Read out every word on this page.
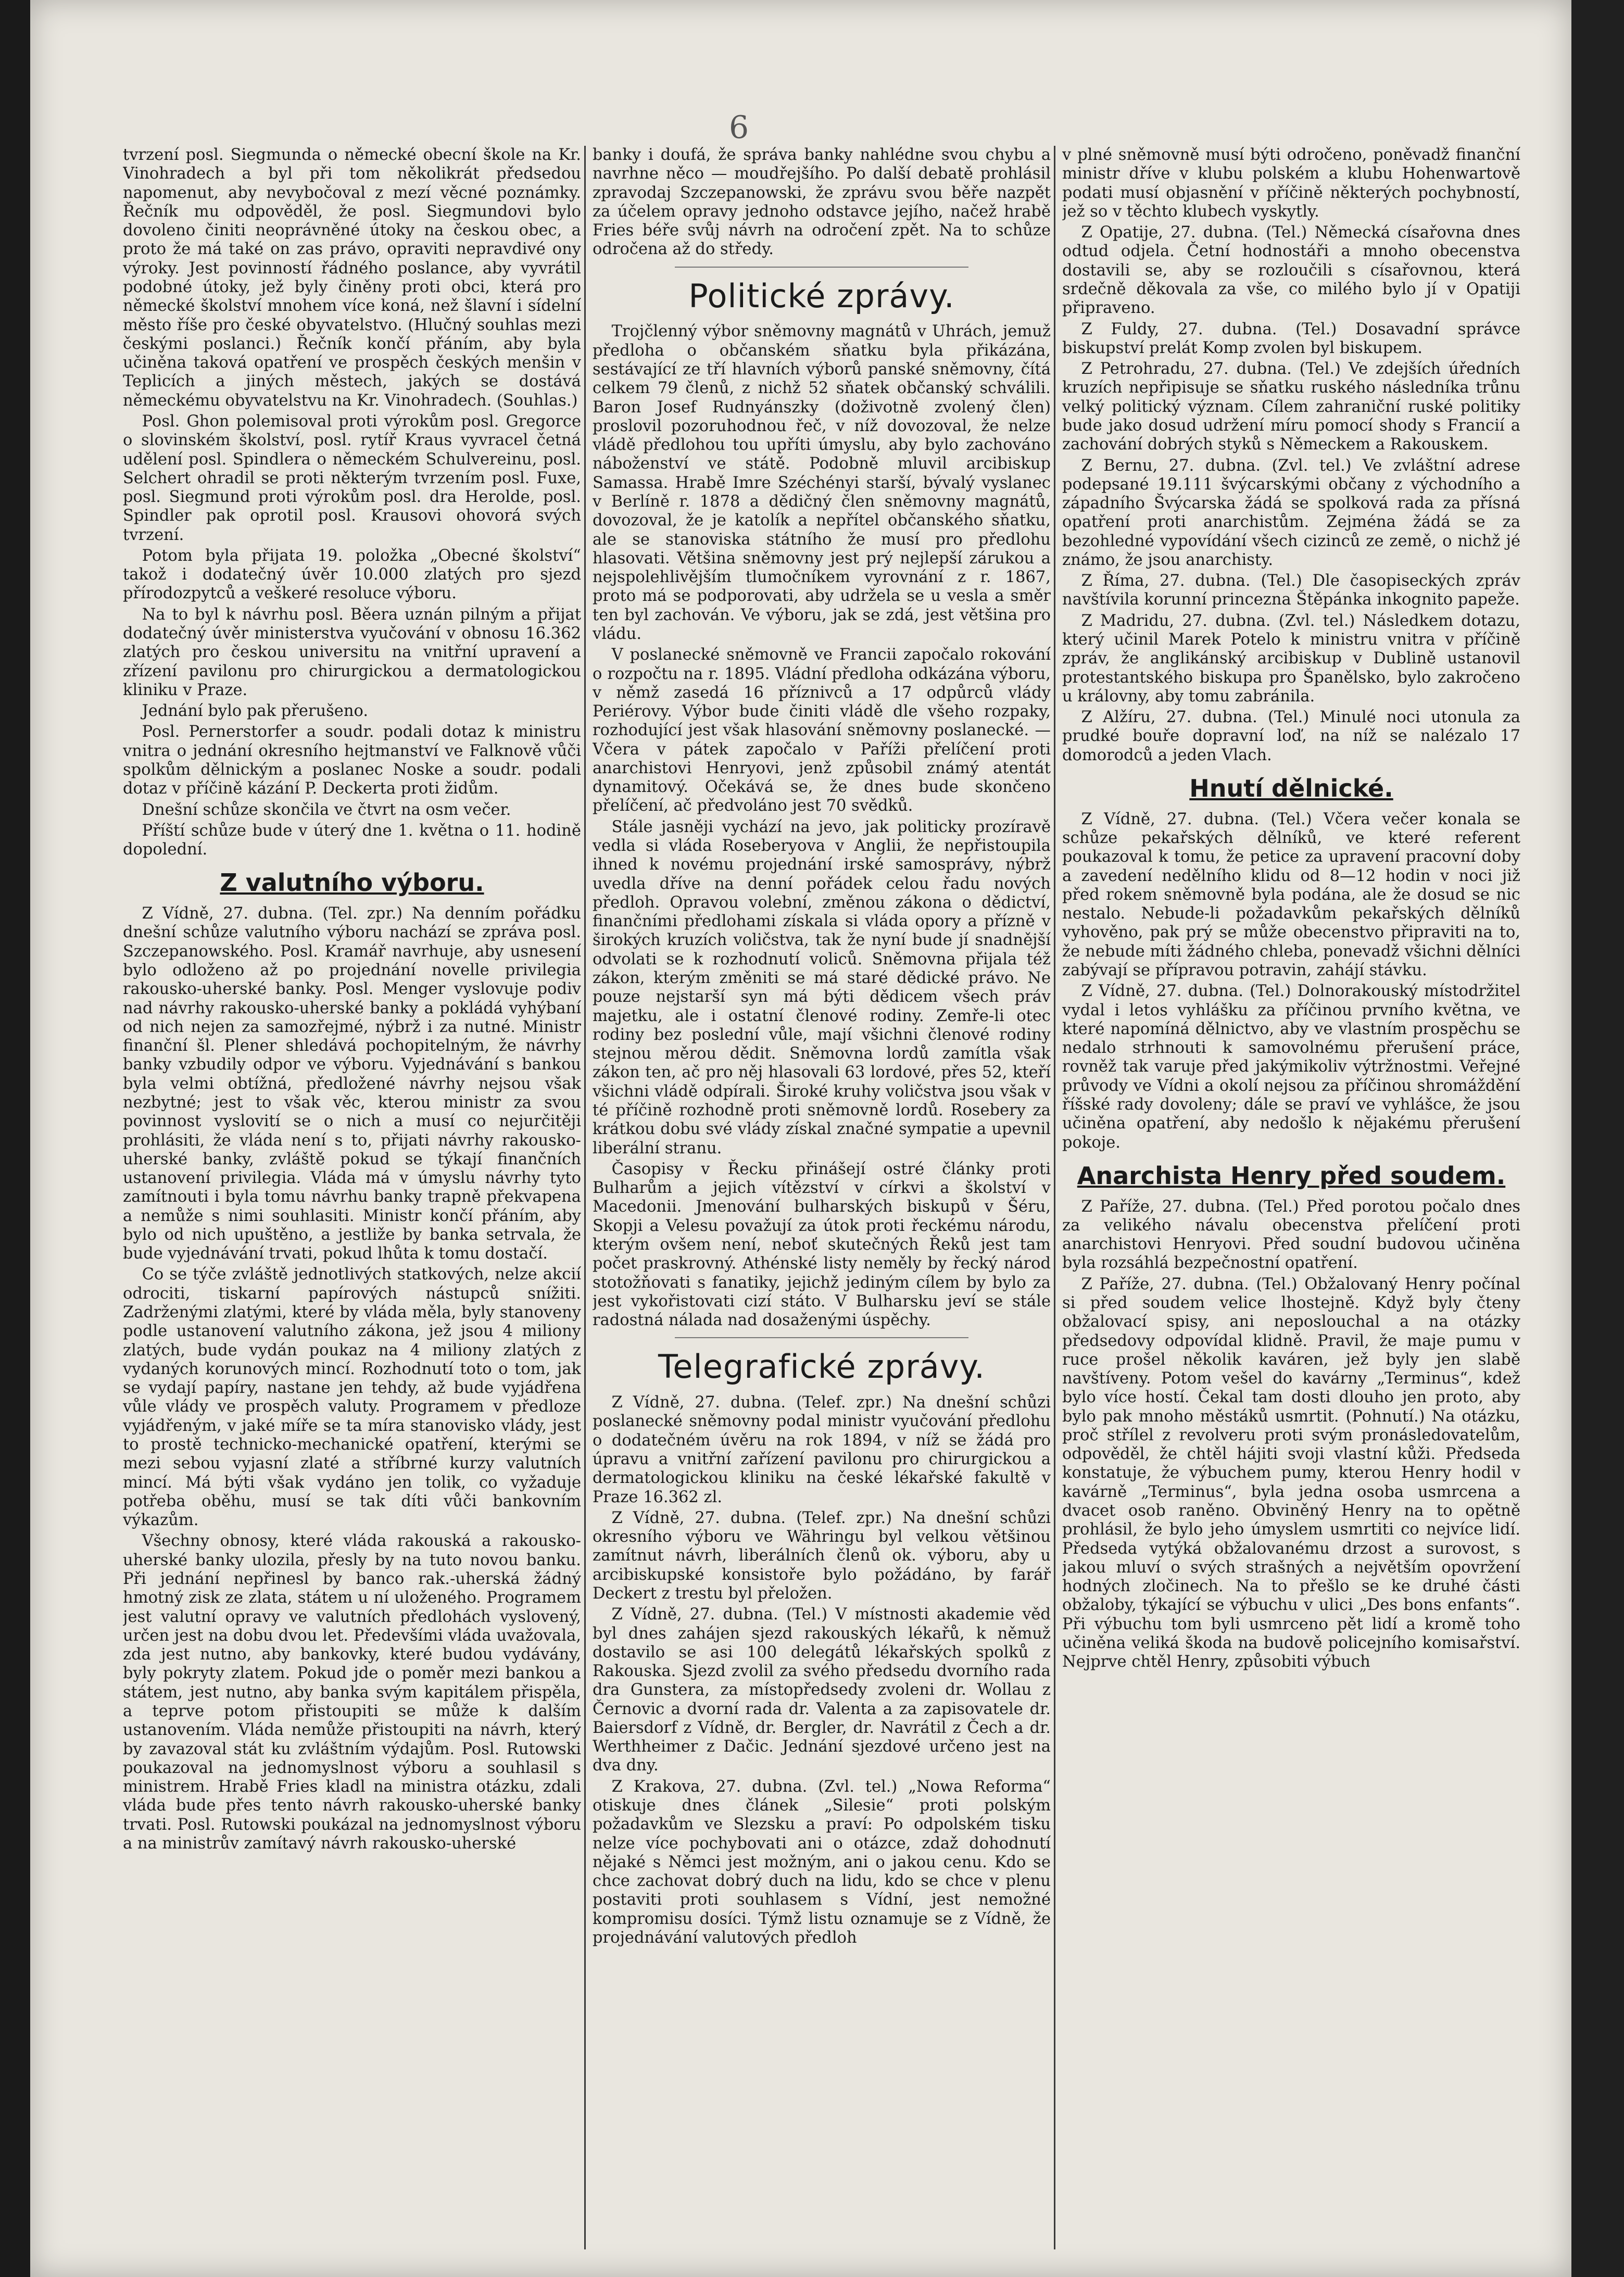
6

tvrzení posl. Siegmunda o německé obecní škole na Kr. Vinohradech a byl při tom několikrát předsedou napomenut, aby nevybočoval z mezí věcné poznámky. Řečník mu odpověděl, že posl. Siegmundovi bylo dovoleno činiti neoprávněné útoky na českou obec, a proto že má také on zas právo, opraviti nepravdivé ony výroky. Jest povinností řádného poslance, aby vyvrátil podobné útoky, jež byly činěny proti obci, která pro německé školství mnohem více koná, než šlavní i sídelní město říše pro české obyvatelstvo. (Hlučný souhlas mezi českými poslanci.) Řečník končí přáním, aby byla učiněna taková opatření ve prospěch českých menšin v Teplicích a jiných městech, jakých se dostává německému obyvatelstvu na Kr. Vinohradech. (Souhlas.)

Posl. Ghon polemisoval proti výrokům posl. Gregorce o slovinském školství, posl. rytíř Kraus vyvracel četná udělení posl. Spindlera o německém Schulvereinu, posl. Selchert ohradil se proti některým tvrzením posl. Fuxe, posl. Siegmund proti výrokům posl. dra Herolde, posl. Spindler pak oprotil posl. Krausovi ohovorá svých tvrzení.

Potom byla přijata 19. položka „Obecné školství“ takož i dodatečný úvěr 10.000 zlatých pro sjezd přírodozpytců a veškeré resoluce výboru.

Na to byl k návrhu posl. Běera uznán pilným a přijat dodatečný úvěr ministerstva vyučování v obnosu 16.362 zlatých pro českou universitu na vnitřní upravení a zřízení pavilonu pro chirurgickou a dermatologickou kliniku v Praze.

Jednání bylo pak přerušeno.

Posl. Pernerstorfer a soudr. podali dotaz k ministru vnitra o jednání okresního hejtmanství ve Falknově vůči spolkům dělnickým a poslanec Noske a soudr. podali dotaz v příčině kázání P. Deckerta proti židům.

Dnešní schůze skončila ve čtvrt na osm večer.

Příští schůze bude v úterý dne 1. května o 11. hodině dopolední.

Z valutního výboru.

Z Vídně, 27. dubna. (Tel. zpr.) Na denním pořádku dnešní schůze valutního výboru nachází se zpráva posl. Szczepanowského. Posl. Kramář navrhuje, aby usnesení bylo odloženo až po projednání novelle privilegia rakousko-uherské banky. Posl. Menger vyslovuje podiv nad návrhy rakousko-uherské banky a pokládá vyhýbaní od nich nejen za samozřejmé, nýbrž i za nutné. Ministr finanční šl. Plener shledává pochopitelným, že návrhy banky vzbudily odpor ve výboru. Vyjednávání s bankou byla velmi obtížná, předložené návrhy nejsou však nezbytné; jest to však věc, kterou ministr za svou povinnost vyslovití se o nich a musí co nejurčitěji prohlásiti, že vláda není s to, přijati návrhy rakousko-uherské banky, zvláště pokud se týkají finančních ustanovení privilegia. Vláda má v úmyslu návrhy tyto zamítnouti i byla tomu návrhu banky trapně překvapena a nemůže s nimi souhlasiti. Ministr končí přáním, aby bylo od nich upuštěno, a jestliže by banka setrvala, že bude vyjednávání trvati, pokud lhůta k tomu dostačí.

Co se týče zvláště jednotlivých statkových, nelze akcií odrociti, tiskarní papírových nástupců snížiti. Zadrženými zlatými, které by vláda měla, byly stanoveny podle ustanovení valutního zákona, jež jsou 4 miliony zlatých, bude vydán poukaz na 4 miliony zlatých z vydaných korunových mincí. Rozhodnutí toto o tom, jak se vydají papíry, nastane jen tehdy, až bude vyjádřena vůle vlády ve prospěch valuty. Programem v předloze vyjádřeným, v jaké míře se ta míra stanovisko vlády, jest to prostě technicko-mechanické opatření, kterými se mezi sebou vyjasní zlaté a stříbrné kurzy valutních mincí. Má býti však vydáno jen tolik, co vyžaduje potřeba oběhu, musí se tak díti vůči bankovním výkazům.

Všechny obnosy, které vláda rakouská a rakousko-uherské banky ulozila, přesly by na tuto novou banku. Při jednání nepřinesl by banco rak.-uherská žádný hmotný zisk ze zlata, státem u ní uloženého. Programem jest valutní opravy ve valutních předlohách vyslovený, určen jest na dobu dvou let. Předevšími vláda uvažovala, zda jest nutno, aby bankovky, které budou vydávány, byly pokryty zlatem. Pokud jde o poměr mezi bankou a státem, jest nutno, aby banka svým kapitálem přispěla, a teprve potom přistoupiti se může k dalším ustanovením. Vláda nemůže přistoupiti na návrh, který by zavazoval stát ku zvláštním výdajům. Posl. Rutowski poukazoval na jednomyslnost výboru a souhlasil s ministrem. Hrabě Fries kladl na ministra otázku, zdali vláda bude přes tento návrh rakousko-uherské banky trvati. Posl. Rutowski poukázal na jednomyslnost výboru a na ministrův zamítavý návrh rakousko-uherské

banky i doufá, že správa banky nahlédne svou chybu a navrhne něco — moudřejšího. Po další debatě prohlásil zpravodaj Szczepanowski, že zprávu svou běře nazpět za účelem opravy jednoho odstavce jejího, načež hrabě Fries béře svůj návrh na odročení zpět. Na to schůze odročena až do středy.

Politické zprávy.

Trojčlenný výbor sněmovny magnátů v Uhrách, jemuž předloha o občanském sňatku byla přikázána, sestávající ze tří hlavních výborů panské sněmovny, čítá celkem 79 členů, z nichž 52 sňatek občanský schválili. Baron Josef Rudnyánszky (doživotně zvolený člen) proslovil pozoruhodnou řeč, v níž dovozoval, že nelze vládě předlohou tou upříti úmyslu, aby bylo zachováno náboženství ve státě. Podobně mluvil arcibiskup Samassa. Hrabě Imre Széchényi starší, bývalý vyslanec v Berlíně r. 1878 a dědičný člen sněmovny magnátů, dovozoval, že je katolík a nepřítel občanského sňatku, ale se stanoviska státního že musí pro předlohu hlasovati. Většina sněmovny jest prý nejlepší zárukou a nejspolehlivějším tlumočníkem vyrovnání z r. 1867, proto má se podporovati, aby udržela se u vesla a směr ten byl zachován. Ve výboru, jak se zdá, jest většina pro vládu.

V poslanecké sněmovně ve Francii započalo rokování o rozpočtu na r. 1895. Vládní předloha odkázána výboru, v němž zasedá 16 příznivců a 17 odpůrců vlády Periérovy. Výbor bude činiti vládě dle všeho rozpaky, rozhodující jest však hlasování sněmovny poslanecké. — Včera v pátek započalo v Paříži přelíčení proti anarchistovi Henryovi, jenž způsobil známý atentát dynamitový. Očekává se, že dnes bude skončeno přelíčení, ač předvoláno jest 70 svědků.

Stále jasněji vychází na jevo, jak politicky prozíravě vedla si vláda Roseberyova v Anglii, že nepřistoupila ihned k novému projednání irské samosprávy, nýbrž uvedla dříve na denní pořádek celou řadu nových předloh. Opravou volební, změnou zákona o dědictví, finančními předlohami získala si vláda opory a přízně v širokých kruzích voličstva, tak že nyní bude jí snadnější odvolati se k rozhodnutí voliců. Sněmovna přijala též zákon, kterým změniti se má staré dědické právo. Ne pouze nejstarší syn má býti dědicem všech práv majetku, ale i ostatní členové rodiny. Zemře-li otec rodiny bez poslední vůle, mají všichni členové rodiny stejnou měrou dědit. Sněmovna lordů zamítla však zákon ten, ač pro něj hlasovali 63 lordové, přes 52, kteří všichni vládě odpírali. Široké kruhy voličstva jsou však v té příčině rozhodně proti sněmovně lordů. Rosebery za krátkou dobu své vlády získal značné sympatie a upevnil liberální stranu.

Časopisy v Řecku přinášejí ostré články proti Bulharům a jejich vítězství v církvi a školství v Macedonii. Jmenování bulharských biskupů v Šéru, Skopji a Velesu považují za útok proti řeckému národu, kterým ovšem není, neboť skutečných Řeků jest tam počet praskrovný. Athénské listy neměly by řecký národ stotožňovati s fanatiky, jejichž jediným cílem by bylo za jest vykořistovati cizí státo. V Bulharsku jeví se stále radostná nálada nad dosaženými úspěchy.

Telegrafické zprávy.

Z Vídně, 27. dubna. (Telef. zpr.) Na dnešní schůzi poslanecké sněmovny podal ministr vyučování předlohu o dodatečném úvěru na rok 1894, v níž se žádá pro úpravu a vnitřní zařízení pavilonu pro chirurgickou a dermatologickou kliniku na české lékařské fakultě v Praze 16.362 zl.

Z Vídně, 27. dubna. (Telef. zpr.) Na dnešní schůzi okresního výboru ve Währingu byl velkou většinou zamítnut návrh, liberálních členů ok. výboru, aby u arcibiskupské konsistoře bylo požádáno, by farář Deckert z trestu byl přeložen.

Z Vídně, 27. dubna. (Tel.) V místnosti akademie věd byl dnes zahájen sjezd rakouských lékařů, k němuž dostavilo se asi 100 delegátů lékařských spolků z Rakouska. Sjezd zvolil za svého předsedu dvorního rada dra Gunstera, za místopředsedy zvoleni dr. Wollau z Černovic a dvorní rada dr. Valenta a za zapisovatele dr. Baiersdorf z Vídně, dr. Bergler, dr. Navrátil z Čech a dr. Werthheimer z Dačic. Jednání sjezdové určeno jest na dva dny.

Z Krakova, 27. dubna. (Zvl. tel.) „Nowa Reforma“ otiskuje dnes článek „Silesie“ proti polským požadavkům ve Slezsku a praví: Po odpolském tisku nelze více pochybovati ani o otázce, zdaž dohodnutí nějaké s Němci jest možným, ani o jakou cenu. Kdo se chce zachovat dobrý duch na lidu, kdo se chce v plenu postaviti proti souhlasem s Vídní, jest nemožné kompromisu dosíci. Týmž listu oznamuje se z Vídně, že projednávání valutových předloh

v plné sněmovně musí býti odročeno, poněvadž finanční ministr dříve v klubu polském a klubu Hohenwartově podati musí objasnění v příčině některých pochybností, jež so v těchto klubech vyskytly.

Z Opatije, 27. dubna. (Tel.) Německá císařovna dnes odtud odjela. Četní hodnostáři a mnoho obecenstva dostavili se, aby se rozloučili s císařovnou, která srdečně děkovala za vše, co milého bylo jí v Opatiji připraveno.

Z Fuldy, 27. dubna. (Tel.) Dosavadní správce biskupství prelát Komp zvolen byl biskupem.

Z Petrohradu, 27. dubna. (Tel.) Ve zdejších úředních kruzích nepřipisuje se sňatku ruského následníka trůnu velký politický význam. Cílem zahraniční ruské politiky bude jako dosud udržení míru pomocí shody s Francií a zachování dobrých styků s Německem a Rakouskem.

Z Bernu, 27. dubna. (Zvl. tel.) Ve zvláštní adrese podepsané 19.111 švýcarskými občany z východního a západního Švýcarska žádá se spolková rada za přísná opatření proti anarchistům. Zejména žádá se za bezohledné vypovídání všech cizinců ze země, o nichž jé známo, že jsou anarchisty.

Z Říma, 27. dubna. (Tel.) Dle časopiseckých zpráv navštívila korunní princezna Štěpánka inkognito papeže.

Z Madridu, 27. dubna. (Zvl. tel.) Následkem dotazu, který učinil Marek Potelo k ministru vnitra v příčině zpráv, že anglikánský arcibiskup v Dublině ustanovil protestantského biskupa pro Španělsko, bylo zakročeno u královny, aby tomu zabránila.

Z Alžíru, 27. dubna. (Tel.) Minulé noci utonula za prudké bouře dopravní loď, na níž se nalézalo 17 domorodců a jeden Vlach.

Hnutí dělnické.

Z Vídně, 27. dubna. (Tel.) Včera večer konala se schůze pekařských dělníků, ve které referent poukazoval k tomu, že petice za upravení pracovní doby a zavedení nedělního klidu od 8—12 hodin v noci již před rokem sněmovně byla podána, ale že dosud se nic nestalo. Nebude-li požadavkům pekařských dělníků vyhověno, pak prý se může obecenstvo připraviti na to, že nebude míti žádného chleba, ponevadž všichni dělníci zabývají se přípravou potravin, zahájí stávku.

Z Vídně, 27. dubna. (Tel.) Dolnorakouský místodržitel vydal i letos vyhlášku za příčinou prvního května, ve které napomíná dělnictvo, aby ve vlastním prospěchu se nedalo strhnouti k samovolnému přerušení práce, rovněž tak varuje před jakýmikoliv výtržnostmi. Veřejné průvody ve Vídni a okolí nejsou za příčinou shromáždění říšské rady dovoleny; dále se praví ve vyhlášce, že jsou učiněna opatření, aby nedošlo k nějakému přerušení pokoje.

Anarchista Henry před soudem.

Z Paříže, 27. dubna. (Tel.) Před porotou počalo dnes za velikého návalu obecenstva přelíčení proti anarchistovi Henryovi. Před soudní budovou učiněna byla rozsáhlá bezpečnostní opatření.

Z Paříže, 27. dubna. (Tel.) Obžalovaný Henry počínal si před soudem velice lhostejně. Když byly čteny obžalovací spisy, ani neposlouchal a na otázky předsedovy odpovídal klidně. Pravil, že maje pumu v ruce prošel několik kaváren, jež byly jen slabě navštíveny. Potom vešel do kavárny „Terminus“, kdež bylo více hostí. Čekal tam dosti dlouho jen proto, aby bylo pak mnoho městáků usmrtit. (Pohnutí.) Na otázku, proč střílel z revolveru proti svým pronásledovatelům, odpověděl, že chtěl hájiti svoji vlastní kůži. Předseda konstatuje, že výbuchem pumy, kterou Henry hodil v kavárně „Terminus“, byla jedna osoba usmrcena a dvacet osob raněno. Obviněný Henry na to opětně prohlásil, že bylo jeho úmyslem usmrtiti co nejvíce lidí. Předseda vytýká obžalovanému drzost a surovost, s jakou mluví o svých strašných a největším opovržení hodných zločinech. Na to přešlo se ke druhé části obžaloby, týkající se výbuchu v ulici „Des bons enfants“. Při výbuchu tom byli usmrceno pět lidí a kromě toho učiněna veliká škoda na budově policejního komisařství. Nejprve chtěl Henry, způsobiti výbuch
